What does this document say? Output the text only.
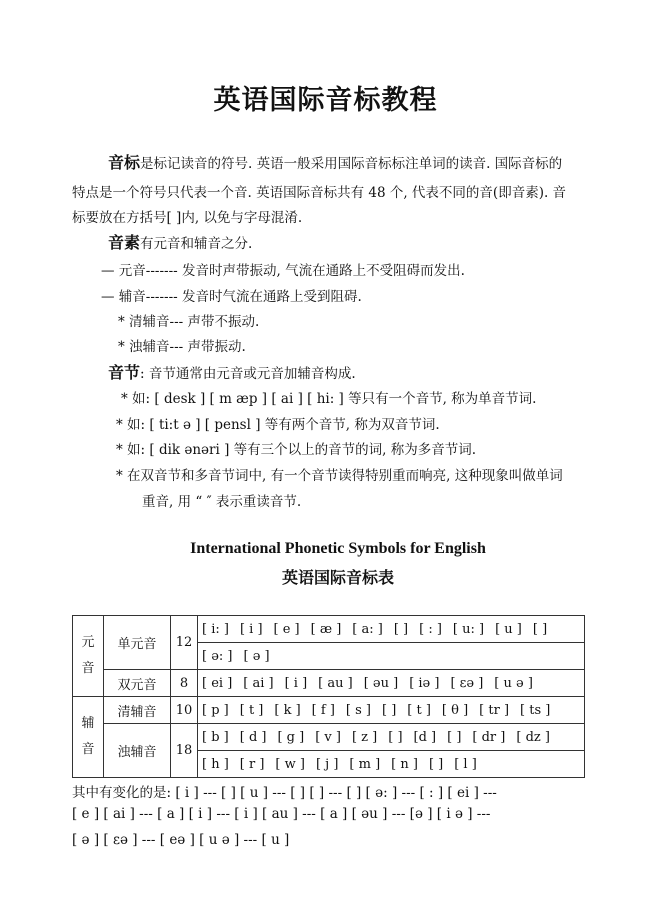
英语国际音标教程
音标是标记读音的符号. 英语一般采用国际音标标注单词的读音. 国际音标的
特点是一个符号只代表一个音. 英语国际音标共有 48 个, 代表不同的音(即音素). 音
标要放在方括号[ ]内, 以免与字母混淆.
音素有元音和辅音之分.
— 元音------- 发音时声带振动, 气流在通路上不受阻碍而发出.
— 辅音------- 发音时气流在通路上受到阻碍.
* 清辅音--- 声带不振动.
* 浊辅音--- 声带振动.
音节: 音节通常由元音或元音加辅音构成.
* 如: [ desk ] [ m æp ] [ ai ] [ hi: ] 等只有一个音节, 称为单音节词.
* 如: [ ti:t ə ] [ pensl ] 等有两个音节, 称为双音节词.
* 如: [ dik ənəri ] 等有三个以上的音节的词, 称为多音节词.
* 在双音节和多音节词中, 有一个音节读得特别重而响亮, 这种现象叫做单词
重音, 用 “ ″ 表示重读音节.
International Phonetic Symbols for English
英语国际音标表
元音	单元音	12	[ i: ] [ i ] [ e ] [ æ ] [ a: ] [ ] [ : ] [ u: ] [ u ] [ ]
			[ ə: ] [ ə ]
	双元音	8	[ ei ] [ ai ] [ i ] [ au ] [ əu ] [ iə ] [ εə ] [ u ə ]
辅音	清辅音	10	[ p ] [ t ] [ k ] [ f ] [ s ] [ ] [ t ] [ θ ] [ tr ] [ ts ]
	浊辅音	18	[ b ] [ d ] [ g ] [ v ] [ z ] [ ] [d ] [ ] [ dr ] [ dz ]
			[ h ] [ r ] [ w ] [ j ] [ m ] [ n ] [ ] [ l ]
其中有变化的是: [ i ] --- [ ] [ u ] --- [ ] [ ] --- [ ] [ ə: ] --- [ : ] [ ei ] ---
[ e ] [ ai ] --- [ a ] [ i ] --- [ i ] [ au ] --- [ a ] [ əu ] --- [ə ] [ i ə ] ---
[ ə ] [ εə ] --- [ eə ] [ u ə ] --- [ u ]
